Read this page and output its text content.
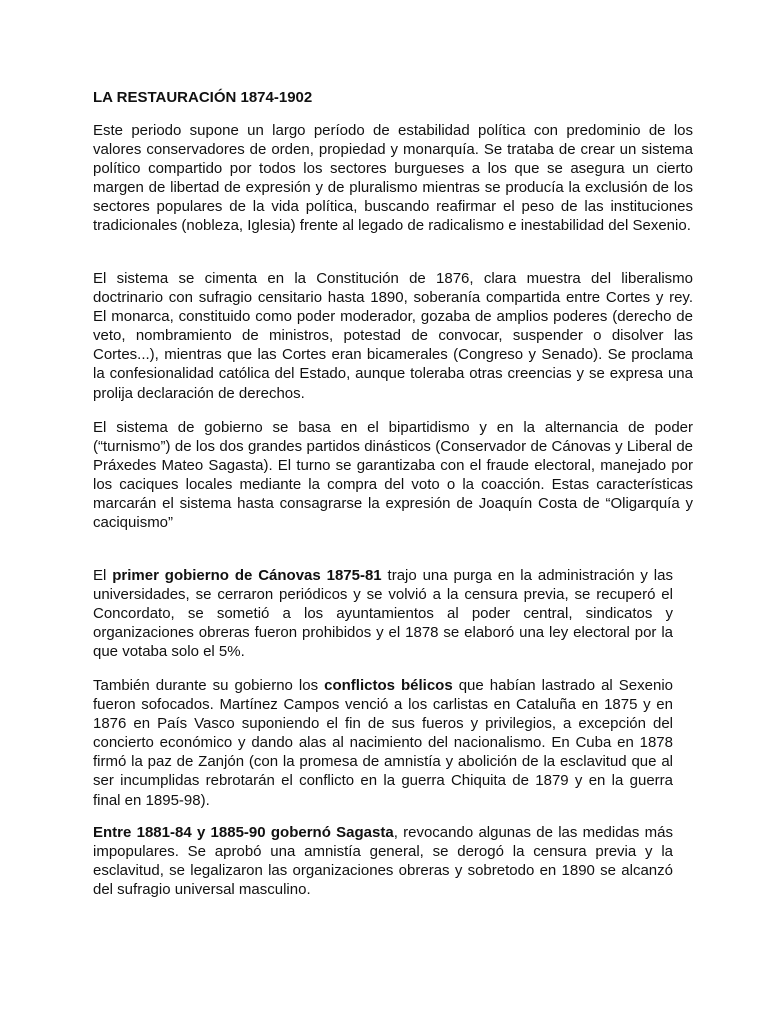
LA RESTAURACIÓN 1874-1902

Este periodo supone un largo período de estabilidad política con predominio de los valores conservadores de orden, propiedad y monarquía. Se trataba de crear un sistema político compartido por todos los sectores burgueses a los que se asegura un cierto margen de libertad de expresión y de pluralismo mientras se producía la exclusión de los sectores populares de la vida política, buscando reafirmar el peso de las instituciones tradicionales (nobleza, Iglesia) frente al legado de radicalismo e inestabilidad del Sexenio.

El sistema se cimenta en la Constitución de 1876, clara muestra del liberalismo doctrinario con sufragio censitario hasta 1890, soberanía compartida entre Cortes y rey. El monarca, constituido como poder moderador, gozaba de amplios poderes (derecho de veto, nombramiento de ministros, potestad de convocar, suspender o disolver las Cortes...), mientras que las Cortes eran bicamerales (Congreso y Senado). Se proclama la confesionalidad católica del Estado, aunque toleraba otras creencias y se expresa una prolija declaración de derechos.

El sistema de gobierno se basa en el bipartidismo y en la alternancia de poder (“turnismo”) de los dos grandes partidos dinásticos (Conservador de Cánovas y Liberal de Práxedes Mateo Sagasta). El turno se garantizaba con el fraude electoral, manejado por los caciques locales mediante la compra del voto o la coacción. Estas características marcarán el sistema hasta consagrarse la expresión de Joaquín Costa de “Oligarquía y caciquismo”

El primer gobierno de Cánovas 1875-81 trajo una purga en la administración y las universidades, se cerraron periódicos y se volvió a la censura previa, se recuperó el Concordato, se sometió a los ayuntamientos al poder central, sindicatos y organizaciones obreras fueron prohibidos y el 1878 se elaboró una ley electoral por la que votaba solo el 5%.

También durante su gobierno los conflictos bélicos que habían lastrado al Sexenio fueron sofocados. Martínez Campos venció a los carlistas en Cataluña en 1875 y en 1876 en País Vasco suponiendo el fin de sus fueros y privilegios, a excepción del concierto económico y dando alas al nacimiento del nacionalismo. En Cuba en 1878 firmó la paz de Zanjón (con la promesa de amnistía y abolición de la esclavitud que al ser incumplidas rebrotarán el conflicto en la guerra Chiquita de 1879 y en la guerra final en 1895-98).

Entre 1881-84 y 1885-90 gobernó Sagasta, revocando algunas de las medidas más impopulares. Se aprobó una amnistía general, se derogó la censura previa y la esclavitud, se legalizaron las organizaciones obreras y sobretodo en 1890 se alcanzó del sufragio universal masculino.
